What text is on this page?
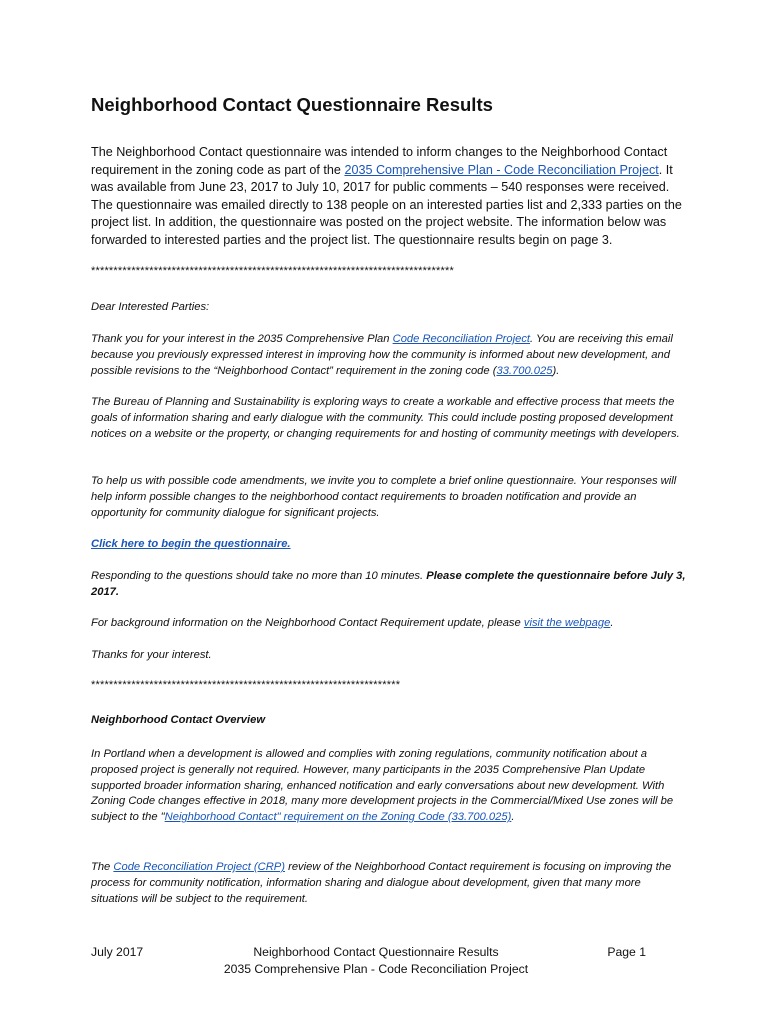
Neighborhood Contact Questionnaire Results

The Neighborhood Contact questionnaire was intended to inform changes to the Neighborhood Contact requirement in the zoning code as part of the 2035 Comprehensive Plan - Code Reconciliation Project. It was available from June 23, 2017 to July 10, 2017 for public comments – 540 responses were received. The questionnaire was emailed directly to 138 people on an interested parties list and 2,333 parties on the project list. In addition, the questionnaire was posted on the project website. The information below was forwarded to interested parties and the project list. The questionnaire results begin on page 3.

*********************************************************************************

Dear Interested Parties:

Thank you for your interest in the 2035 Comprehensive Plan Code Reconciliation Project. You are receiving this email because you previously expressed interest in improving how the community is informed about new development, and possible revisions to the “Neighborhood Contact” requirement in the zoning code (33.700.025).

The Bureau of Planning and Sustainability is exploring ways to create a workable and effective process that meets the goals of information sharing and early dialogue with the community. This could include posting proposed development notices on a website or the property, or changing requirements for and hosting of community meetings with developers.

To help us with possible code amendments, we invite you to complete a brief online questionnaire. Your responses will help inform possible changes to the neighborhood contact requirements to broaden notification and provide an opportunity for community dialogue for significant projects.

Click here to begin the questionnaire.

Responding to the questions should take no more than 10 minutes. Please complete the questionnaire before July 3, 2017.

For background information on the Neighborhood Contact Requirement update, please visit the webpage.

Thanks for your interest.

*********************************************************************

Neighborhood Contact Overview

In Portland when a development is allowed and complies with zoning regulations, community notification about a proposed project is generally not required. However, many participants in the 2035 Comprehensive Plan Update supported broader information sharing, enhanced notification and early conversations about new development. With Zoning Code changes effective in 2018, many more development projects in the Commercial/Mixed Use zones will be subject to the "Neighborhood Contact" requirement on the Zoning Code (33.700.025).

The Code Reconciliation Project (CRP) review of the Neighborhood Contact requirement is focusing on improving the process for community notification, information sharing and dialogue about development, given that many more situations will be subject to the requirement.

July 2017	Neighborhood Contact Questionnaire Results	Page 1
2035 Comprehensive Plan - Code Reconciliation Project
